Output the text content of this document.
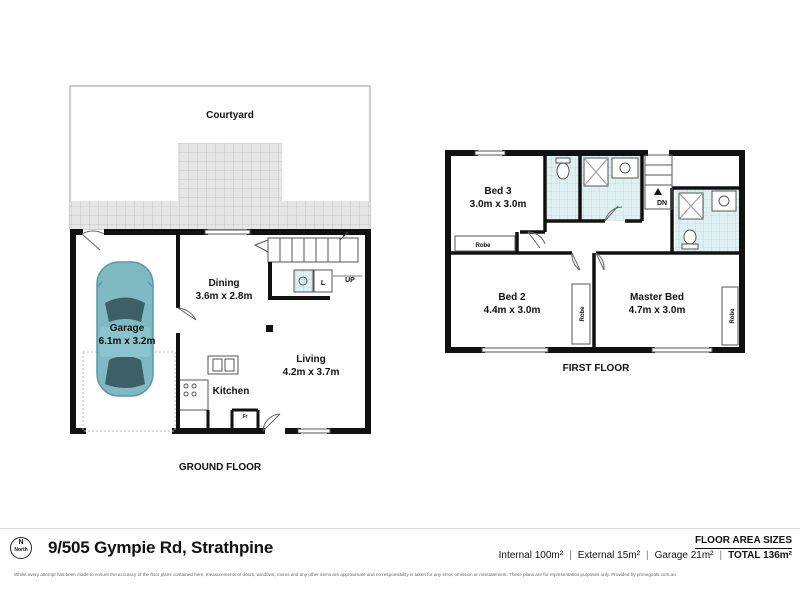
Courtyard
Garage
6.1m x 3.2m
Dining
3.6m x 2.8m
Living
4.2m x 3.7m
Kitchen
UP
L
Fr
GROUND FLOOR
Bed 3
3.0m x 3.0m
Bed 2
4.4m x 3.0m
Master Bed
4.7m x 3.0m
Robe
Robe	Robe
DN
FIRST FLOOR
N
North 9/505 Gympie Rd, Strathpine	FLOOR AREA SIZES
Internal 100m² | External 15m² | Garage 21m² | TOTAL 136m²
Whilst every attempt has been made to ensure the accuracy of the floor plans contained here, measurements of doors, windows, rooms and any other items are approximate and no responsibility is taken for any error, omission or misstatement. These plans are for representation purposes only. Provided by primegoals.com.au
